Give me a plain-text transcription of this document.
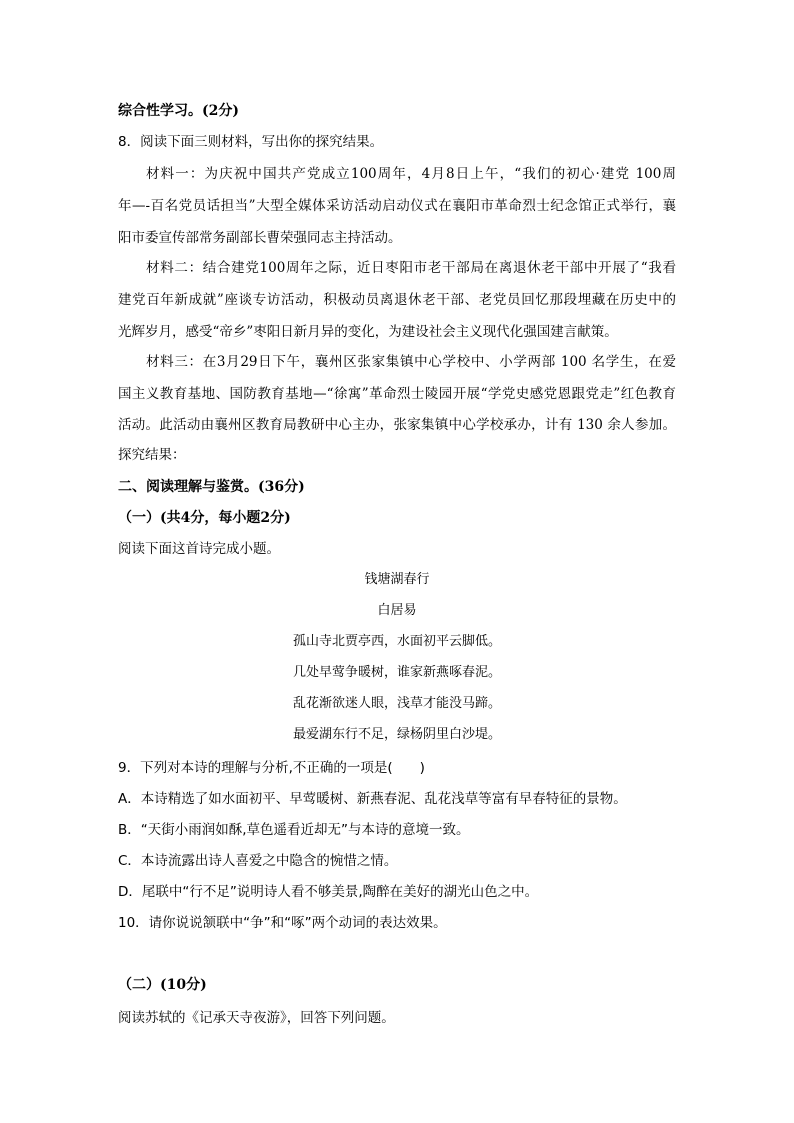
综合性学习。(2分)
8．阅读下面三则材料，写出你的探究结果。
材料一：为庆祝中国共产党成立100周年，4月8日上午，“我们的初心·建党 100周
年—-百名党员话担当”大型全媒体采访活动启动仪式在襄阳市革命烈士纪念馆正式举行，襄
阳市委宣传部常务副部长曹荣强同志主持活动。
材料二：结合建党100周年之际，近日枣阳市老干部局在离退休老干部中开展了“我看
建党百年新成就”座谈专访活动，积极动员离退休老干部、老党员回忆那段埋藏在历史中的
光辉岁月，感受“帝乡”枣阳日新月异的变化，为建设社会主义现代化强国建言献策。
材料三：在3月29日下午，襄州区张家集镇中心学校中、小学两部 100 名学生，在爱
国主义教育基地、国防教育基地—“徐寓”革命烈士陵园开展“学党史感党恩跟党走”红色教育
活动。此活动由襄州区教育局教研中心主办，张家集镇中心学校承办，计有 130 余人参加。
探究结果：
二、阅读理解与鉴赏。(36分)
（一）(共4分，每小题2分)
阅读下面这首诗完成小题。
钱塘湖春行
白居易
孤山寺北贾亭西，水面初平云脚低。
几处早莺争暖树，谁家新燕啄春泥。
乱花渐欲迷人眼，浅草才能没马蹄。
最爱湖东行不足，绿杨阴里白沙堤。
9．下列对本诗的理解与分析,不正确的一项是(　　)
A．本诗精选了如水面初平、早莺暖树、新燕春泥、乱花浅草等富有早春特征的景物。
B．“天街小雨润如酥,草色遥看近却无”与本诗的意境一致。
C．本诗流露出诗人喜爱之中隐含的惋惜之情。
D．尾联中“行不足”说明诗人看不够美景,陶醉在美好的湖光山色之中。
10．请你说说颔联中“争”和“啄”两个动词的表达效果。
（二）(10分)
阅读苏轼的《记承天寺夜游》，回答下列问题。
